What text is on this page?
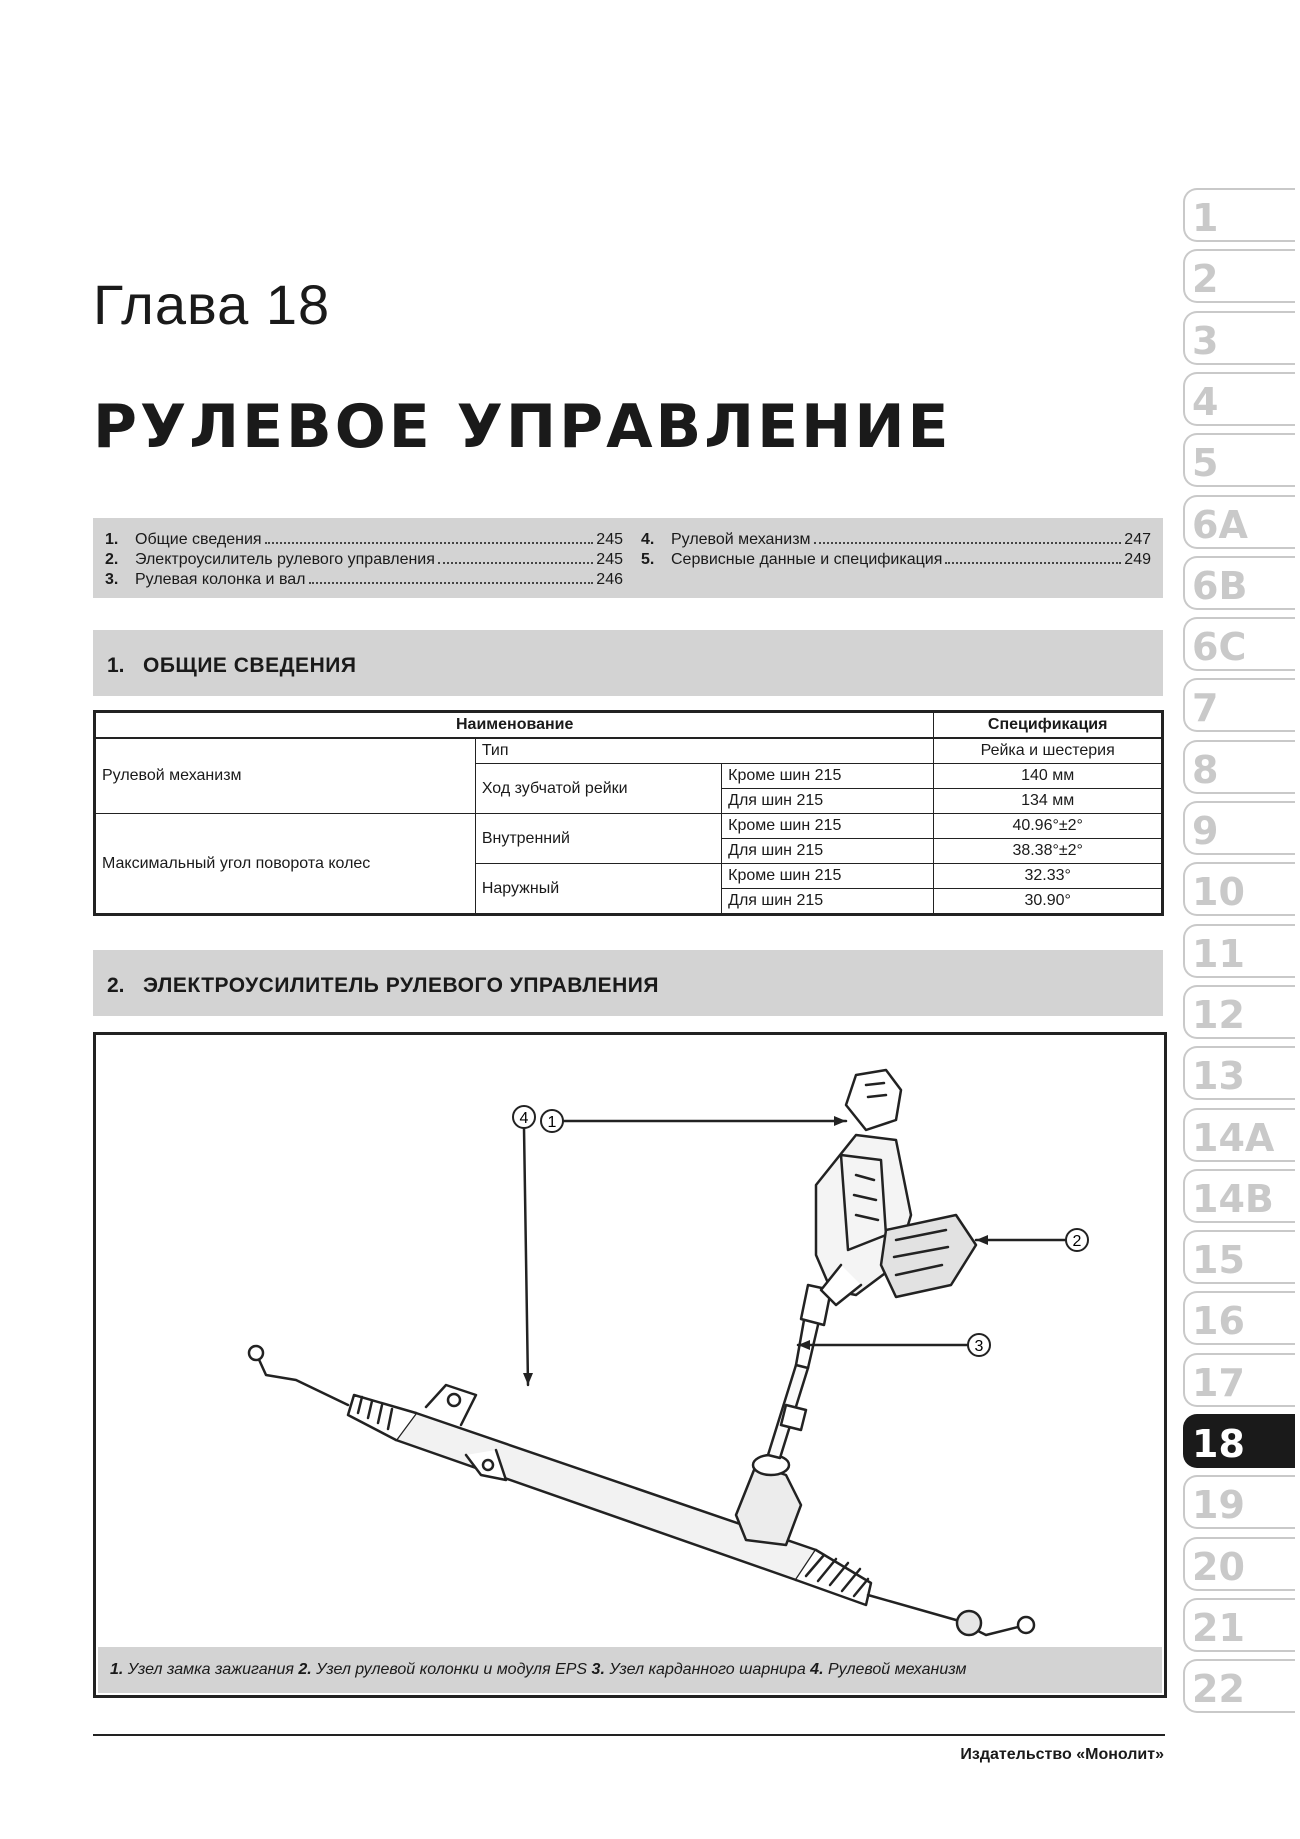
Глава 18
РУЛЕВОЕ УПРАВЛЕНИЕ
1.	Общие сведения	245
2.	Электроусилитель рулевого управления	245
3.	Рулевая колонка и вал	246
4.	Рулевой механизм	247
5.	Сервисные данные и спецификация	249
1. ОБЩИЕ СВЕДЕНИЯ
Наименование			Спецификация
Рулевой механизм	Тип		Рейка и шестерия
	Ход зубчатой рейки	Кроме шин 215	140 мм
		Для шин 215	134 мм
Максимальный угол поворота колес	Внутренний	Кроме шин 215	40.96°±2°
		Для шин 215	38.38°±2°
	Наружный	Кроме шин 215	32.33°
		Для шин 215	30.90°
2. ЭЛЕКТРОУСИЛИТЕЛЬ РУЛЕВОГО УПРАВЛЕНИЯ
1
2
3
4
1. Узел замка зажигания 2. Узел рулевой колонки и модуля EPS 3. Узел карданного шарнира 4. Рулевой механизм
Издательство «Монолит»
1
2
3
4
5
6A
6B
6C
7
8
9
10
11
12
13
14A
14B
15
16
17
18
19
20
21
22
